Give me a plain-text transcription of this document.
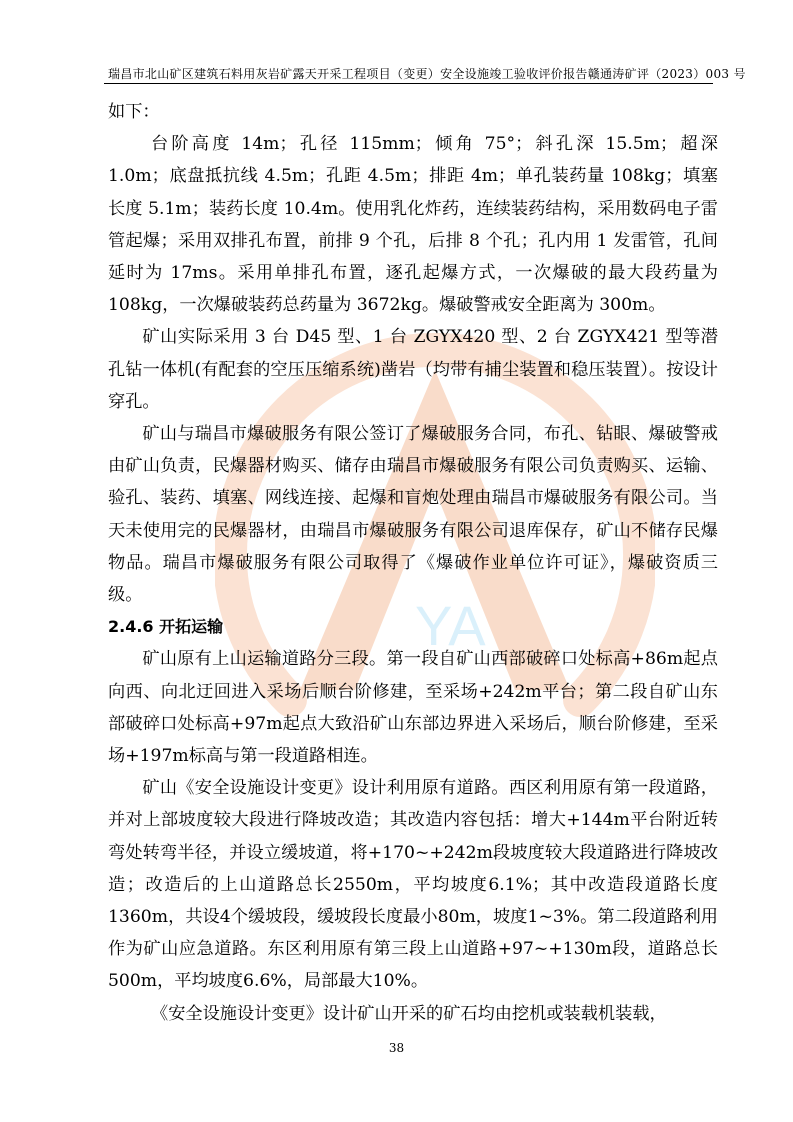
瑞昌市北山矿区建筑石料用灰岩矿露天开采工程项目（变更）安全设施竣工验收评价报告 赣通涛矿评（2023）003 号
YA

如下：

台阶高度 14m；孔径 115mm；倾角 75°；斜孔深 15.5m；超深 1.0m；底盘抵抗线 4.5m；孔距 4.5m；排距 4m；单孔装药量 108kg；填塞长度 5.1m；装药长度 10.4m。使用乳化炸药，连续装药结构，采用数码电子雷管起爆；采用双排孔布置，前排 9 个孔，后排 8 个孔；孔内用 1 发雷管，孔间延时为 17ms。采用单排孔布置，逐孔起爆方式，一次爆破的最大段药量为 108kg，一次爆破装药总药量为 3672kg。爆破警戒安全距离为 300m。

矿山实际采用 3 台 D45 型、1 台 ZGYX420 型、2 台 ZGYX421 型等潜孔钻一体机(有配套的空压压缩系统)凿岩（均带有捕尘装置和稳压装置）。按设计穿孔。

矿山与瑞昌市爆破服务有限公签订了爆破服务合同，布孔、钻眼、爆破警戒由矿山负责，民爆器材购买、储存由瑞昌市爆破服务有限公司负责购买、运输、验孔、装药、填塞、网线连接、起爆和盲炮处理由瑞昌市爆破服务有限公司。当天未使用完的民爆器材，由瑞昌市爆破服务有限公司退库保存，矿山不储存民爆物品。瑞昌市爆破服务有限公司取得了《爆破作业单位许可证》，爆破资质三级。

2.4.6 开拓运输

矿山原有上山运输道路分三段。第一段自矿山西部破碎口处标高+86m起点向西、向北迂回进入采场后顺台阶修建，至采场+242m平台；第二段自矿山东部破碎口处标高+97m起点大致沿矿山东部边界进入采场后，顺台阶修建，至采场+197m标高与第一段道路相连。

矿山《安全设施设计变更》设计利用原有道路。西区利用原有第一段道路，并对上部坡度较大段进行降坡改造；其改造内容包括：增大+144m平台附近转弯处转弯半径，并设立缓坡道，将+170~+242m段坡度较大段道路进行降坡改造；改造后的上山道路总长2550m，平均坡度6.1%；其中改造段道路长度1360m，共设4个缓坡段，缓坡段长度最小80m，坡度1~3%。第二段道路利用作为矿山应急道路。东区利用原有第三段上山道路+97~+130m段，道路总长500m，平均坡度6.6%，局部最大10%。

《安全设施设计变更》设计矿山开采的矿石均由挖机或装载机装载，

38
